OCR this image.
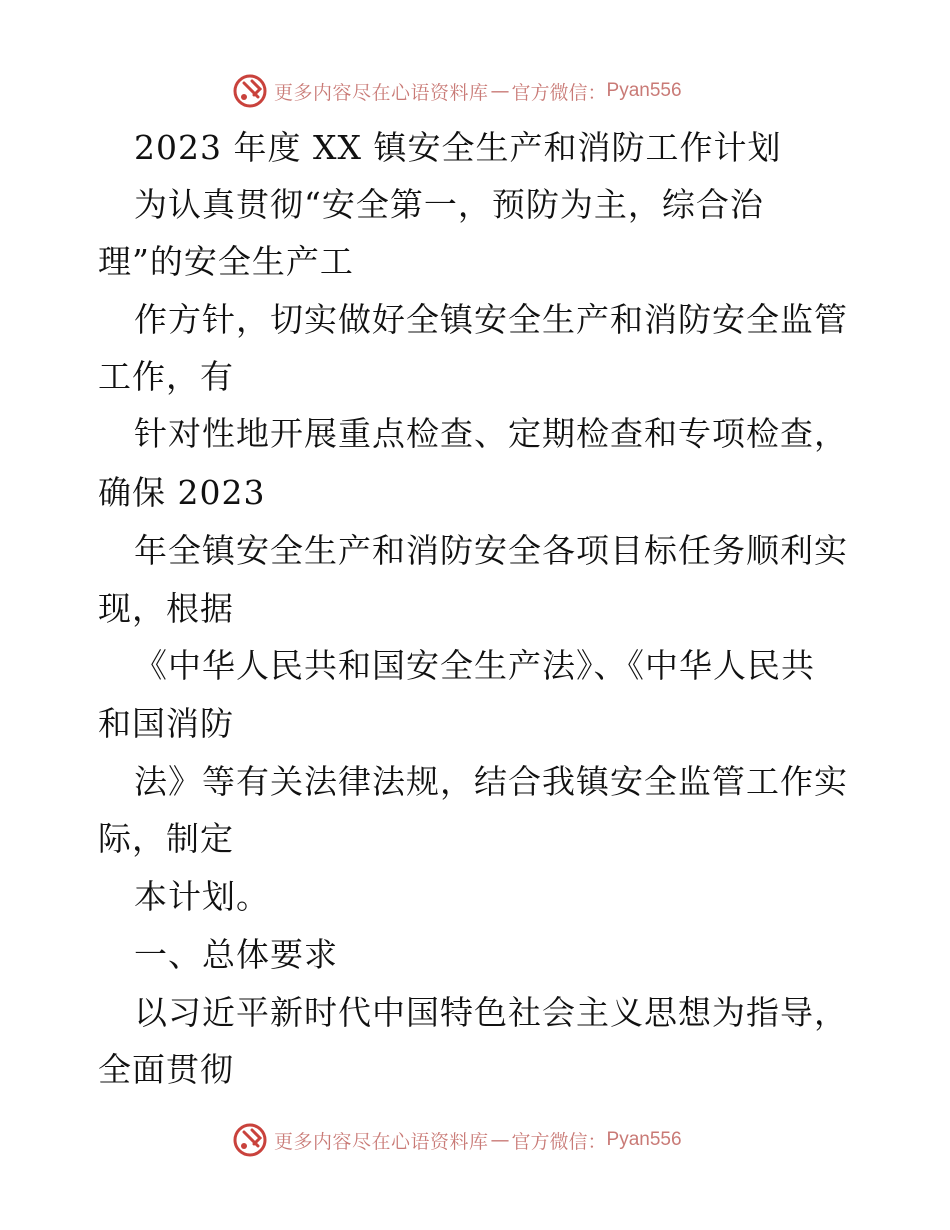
更多内容尽在心语资料库 — 官方微信： Pyan556
2023 年度 XX 镇安全生产和消防工作计划
为认真贯彻“安全第一，预防为主，综合治
理”的安全生产工
作方针，切实做好全镇安全生产和消防安全监管
工作，有
针对性地开展重点检查、定期检查和专项检查，
确保 2023
年全镇安全生产和消防安全各项目标任务顺利实
现，根据
《中华人民共和国安全生产法》、《中华人民共
和国消防
法》等有关法律法规，结合我镇安全监管工作实
际，制定
本计划。
一、总体要求
以习近平新时代中国特色社会主义思想为指导，
全面贯彻
更多内容尽在心语资料库 — 官方微信： Pyan556
